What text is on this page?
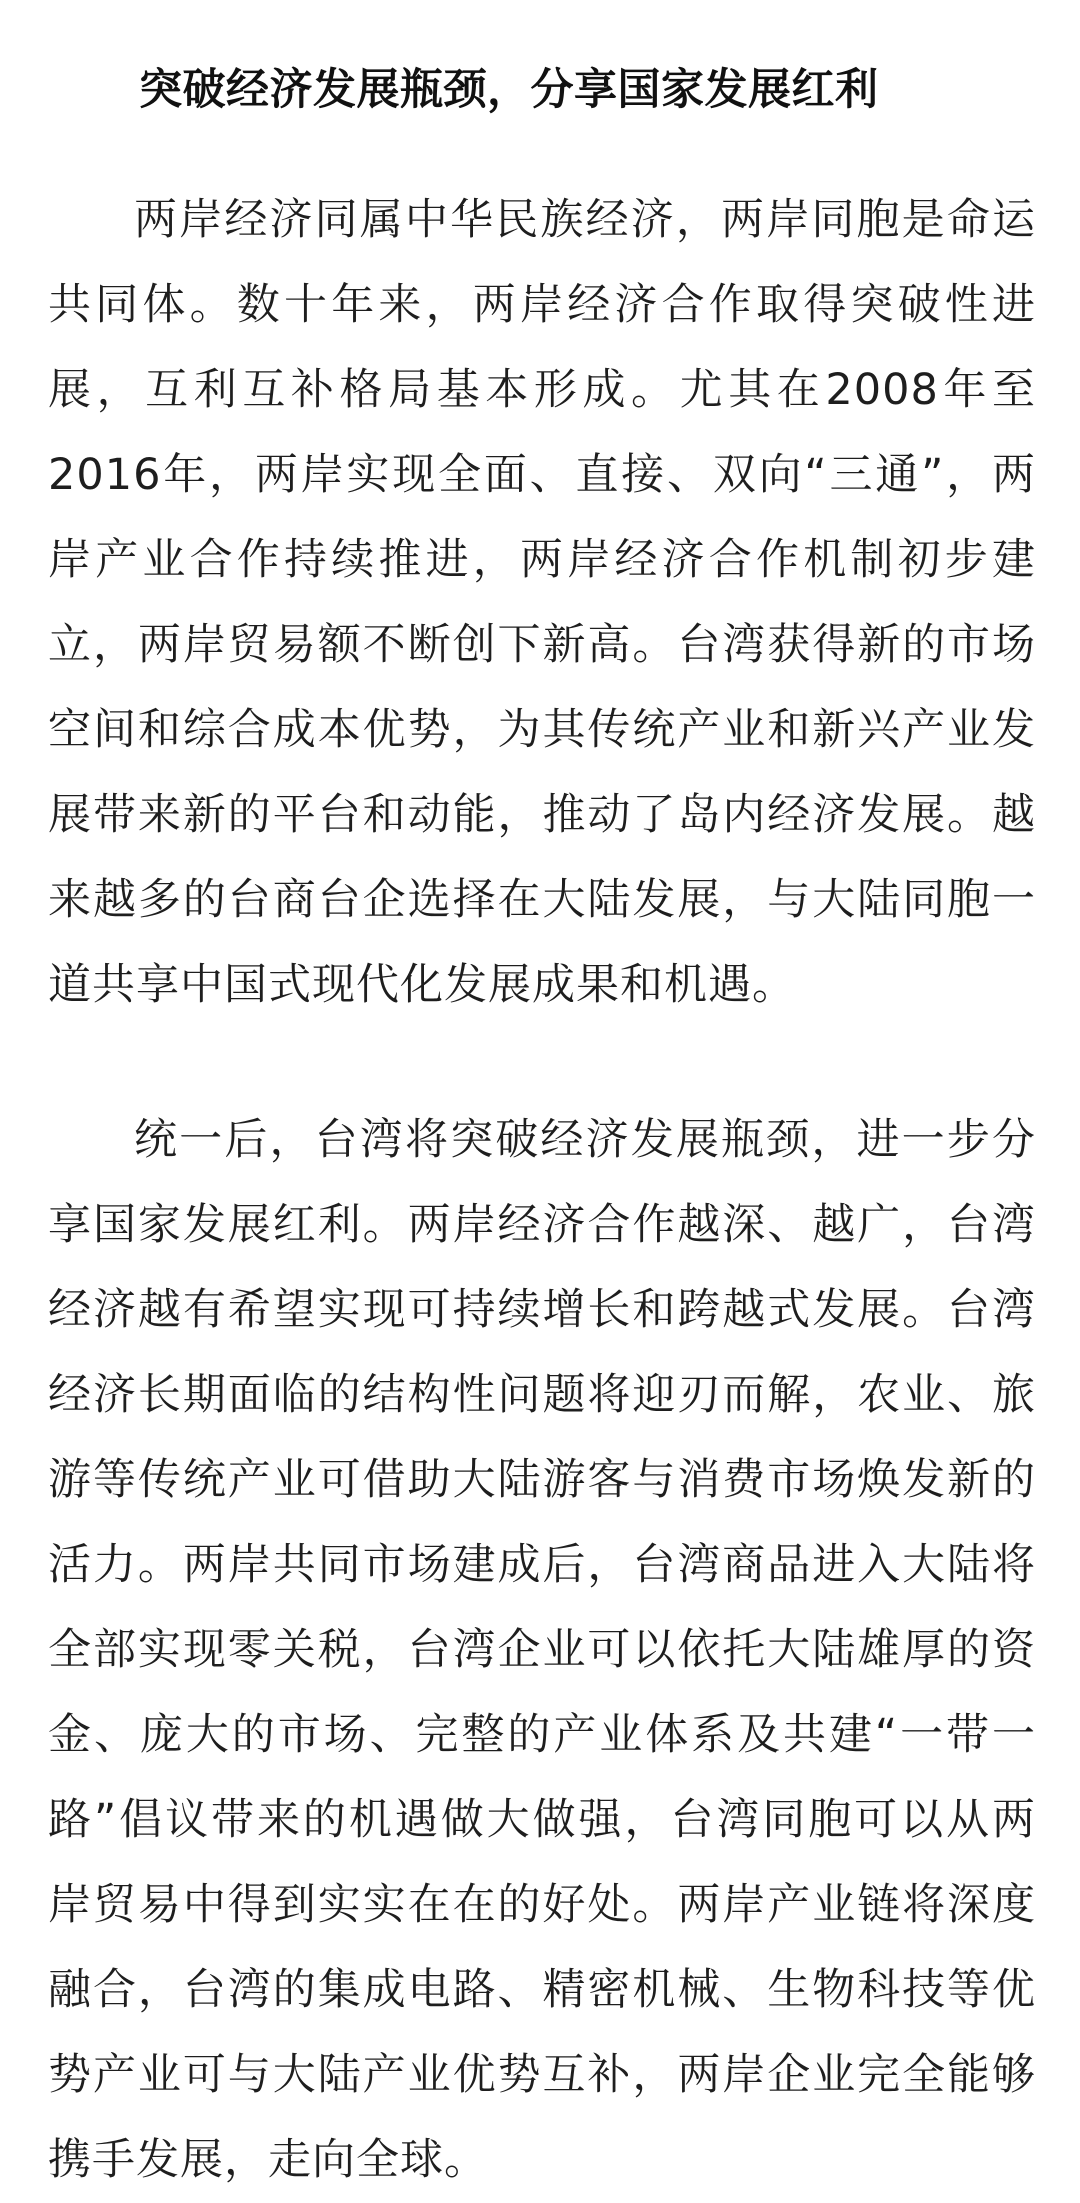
突破经济发展瓶颈，分享国家发展红利

两岸经济同属中华民族经济，两岸同胞是命运共同体。数十年来，两岸经济合作取得突破性进展，互利互补格局基本形成。尤其在2008年至2016年，两岸实现全面、直接、双向“三通”，两岸产业合作持续推进，两岸经济合作机制初步建立，两岸贸易额不断创下新高。台湾获得新的市场空间和综合成本优势，为其传统产业和新兴产业发展带来新的平台和动能，推动了岛内经济发展。越来越多的台商台企选择在大陆发展，与大陆同胞一道共享中国式现代化发展成果和机遇。

统一后，台湾将突破经济发展瓶颈，进一步分享国家发展红利。两岸经济合作越深、越广，台湾经济越有希望实现可持续增长和跨越式发展。台湾经济长期面临的结构性问题将迎刃而解，农业、旅游等传统产业可借助大陆游客与消费市场焕发新的活力。两岸共同市场建成后，台湾商品进入大陆将全部实现零关税，台湾企业可以依托大陆雄厚的资金、庞大的市场、完整的产业体系及共建“一带一路”倡议带来的机遇做大做强，台湾同胞可以从两岸贸易中得到实实在在的好处。两岸产业链将深度融合，台湾的集成电路、精密机械、生物科技等优势产业可与大陆产业优势互补，两岸企业完全能够携手发展，走向全球。
